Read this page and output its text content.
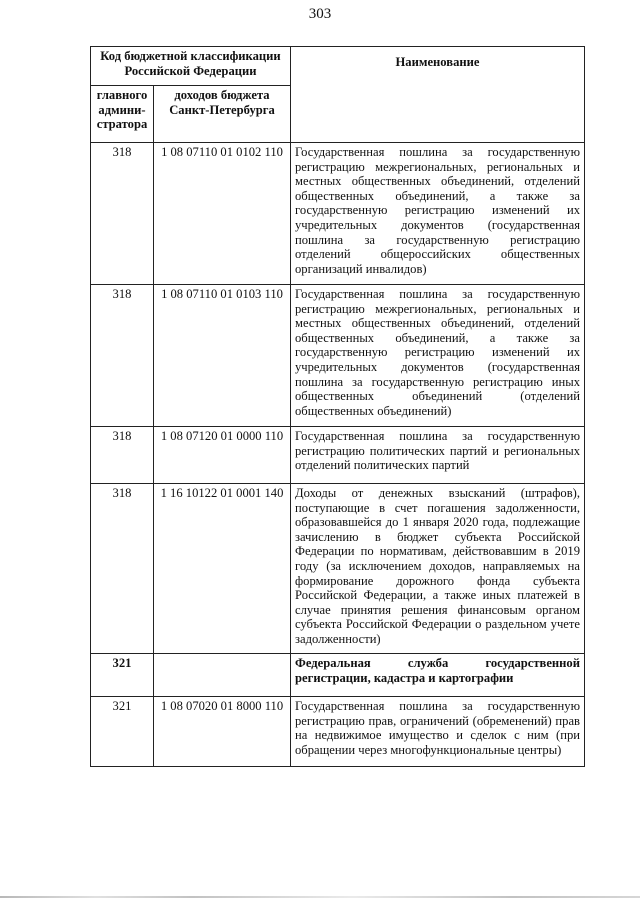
303
Код бюджетной классификации Российской Федерации		Наименование
главного админи-стратора	доходов бюджета Санкт-Петербурга	
318	1 08 07110 01 0102 110	Государственная пошлина за государственную регистрацию межрегиональных, региональных и местных общественных объединений, отделений общественных объединений, а также за государственную регистрацию изменений их учредительных документов (государственная пошлина за государственную регистрацию отделений общероссийских общественных организаций инвалидов)
318	1 08 07110 01 0103 110	Государственная пошлина за государственную регистрацию межрегиональных, региональных и местных общественных объединений, отделений общественных объединений, а также за государственную регистрацию изменений их учредительных документов (государственная пошлина за государственную регистрацию иных общественных объединений (отделений общественных объединений)
318	1 08 07120 01 0000 110	Государственная пошлина за государственную регистрацию политических партий и региональных отделений политических партий
318	1 16 10122 01 0001 140	Доходы от денежных взысканий (штрафов), поступающие в счет погашения задолженности, образовавшейся до 1 января 2020 года, подлежащие зачислению в бюджет субъекта Российской Федерации по нормативам, действовавшим в 2019 году (за исключением доходов, направляемых на формирование дорожного фонда субъекта Российской Федерации, а также иных платежей в случае принятия решения финансовым органом субъекта Российской Федерации о раздельном учете задолженности)
321		Федеральная служба государственной регистрации, кадастра и картографии
321	1 08 07020 01 8000 110	Государственная пошлина за государственную регистрацию прав, ограничений (обременений) прав на недвижимое имущество и сделок с ним (при обращении через многофункциональные центры)
